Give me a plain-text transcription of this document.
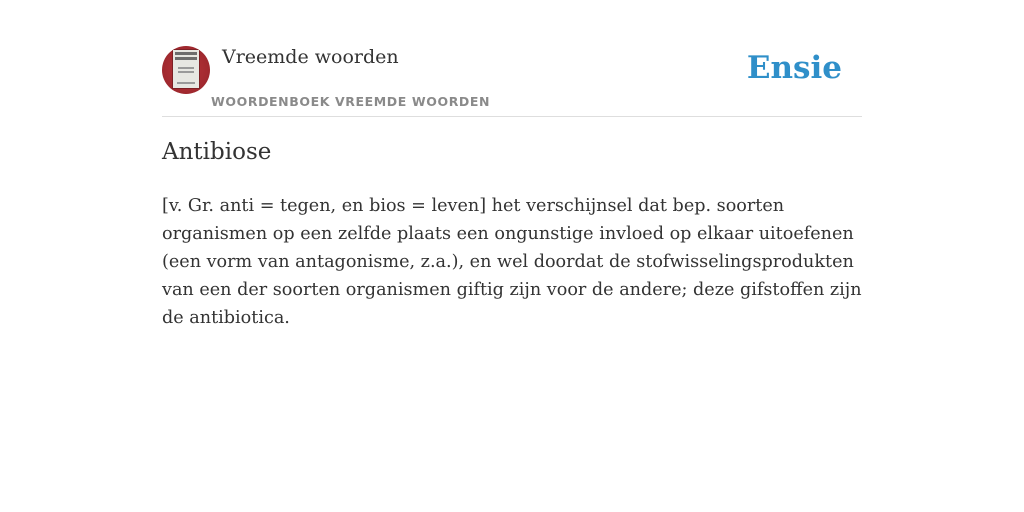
Vreemde woorden
WOORDENBOEK VREEMDE WOORDEN
Ensie
Antibiose

[v. Gr. anti = tegen, en bios = leven] het verschijnsel dat bep. soorten organismen op een zelfde plaats een ongunstige invloed op elkaar uitoefenen (een vorm van antagonisme, z.a.), en wel doordat de stofwisselingsprodukten van een der soorten organismen giftig zijn voor de andere; deze gifstoffen zijn de antibiotica.
